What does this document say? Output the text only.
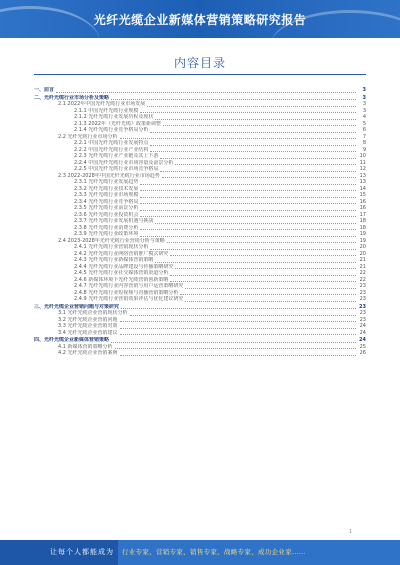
光纤光缆企业新媒体营销策略研究报告
内容目录
一、前言	3
二、光纤光缆行业市场分析及策略	3
2.1 2022年中国光纤光缆行业市场发展	3
2.1.1 中国光纤光缆行业规模	3
2.1.2 光纤光缆行业发展历程及现状	4
2.1.3 2022年《光纤光缆》政策新调整	5
2.1.4 光纤光缆行业竞争格局分析	6
2.2 光纤光缆行业市场分析	7
2.2.1 中国光纤光缆行业发展特点	8
2.2.2 中国光纤光缆行业产业结构	9
2.2.3 光纤光缆行业产业链及其上下游	10
2.2.4 中国光纤光缆行业市场容量及前景分析	11
2.2.5 中国光纤光缆行业市场竞争格局	12
2.3 2022-2028年中国光纤光缆行业市场趋势	13
2.3.1 光纤光缆行业发展趋势	13
2.3.2 光纤光缆行业技术发展	14
2.3.3 光纤光缆行业市场规模	15
2.3.4 光纤光缆行业竞争格局	16
2.3.5 光纤光缆行业前景分析	16
2.3.6 光纤光缆行业投资机会	17
2.3.7 光纤光缆行业发展机遇与挑战	18
2.3.8 光纤光缆行业消费分析	18
2.3.9 光纤光缆行业政策环境	19
2.4 2023-2028年光纤光缆行业营销分析与策略	19
2.4.1 光纤光缆行业营销现状分析	20
2.4.2 光纤光缆行业网络营销推广模式研究	20
2.4.3 光纤光缆行业新媒体营销策略	21
2.4.4 光纤光缆行业品牌建设与传播策略研究	21
2.4.5 光纤光缆行业社交媒体营销渠道分析	22
2.4.6 新媒体环境下光纤光缆营销创新策略	22
2.4.7 光纤光缆行业内容营销与用户运营策略研究	23
2.4.8 光纤光缆行业短视频与直播营销策略分析	23
2.4.9 光纤光缆行业营销效果评估与优化建议研究	23
三、光纤光缆企业营销问题与对策研究	23
3.1 光纤光缆企业营销现状分析	23
3.2 光纤光缆企业营销问题	23
3.3 光纤光缆企业营销对策	24
3.4 光纤光缆企业营销建议	24
四、光纤光缆企业新媒体营销策略	24
4.1 新媒体营销策略分析	25
4.2 光纤光缆企业营销案例	26
1
让每个人都能成为 行业专家、营销专家、销售专家、战略专家、成功企业家……
